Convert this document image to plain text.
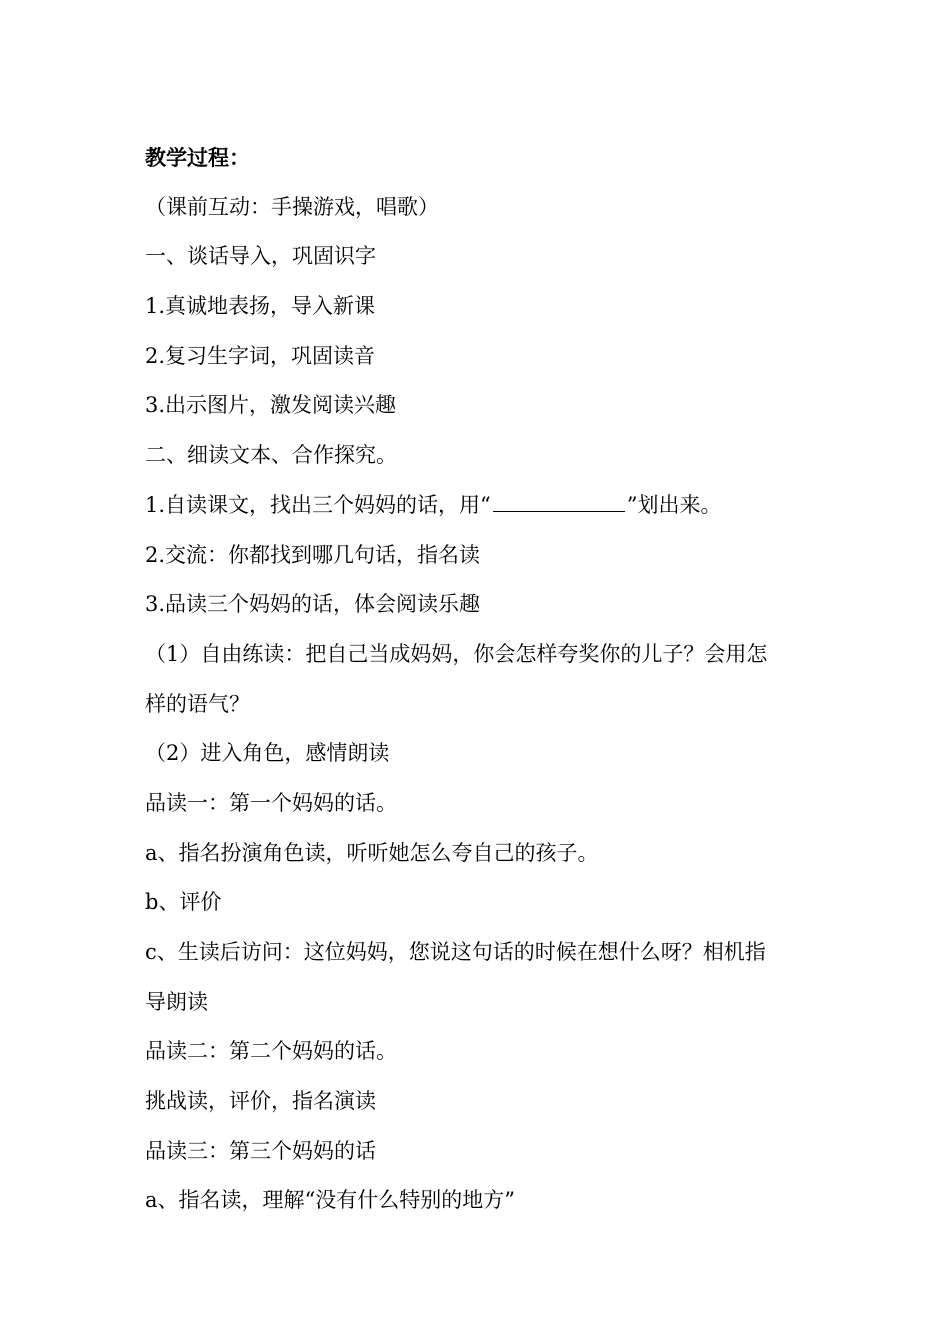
教学过程：
（课前互动：手操游戏，唱歌）
一、谈话导入，巩固识字
1.真诚地表扬，导入新课
2.复习生字词，巩固读音
3.出示图片，激发阅读兴趣
二、细读文本、合作探究。
1.自读课文，找出三个妈妈的话，用“	”划出来。
2.交流：你都找到哪几句话，指名读
3.品读三个妈妈的话，体会阅读乐趣
（1）自由练读：把自己当成妈妈，你会怎样夸奖你的儿子？会用怎
样的语气？
（2）进入角色，感情朗读
品读一：第一个妈妈的话。
a、指名扮演角色读，听听她怎么夸自己的孩子。
b、评价
c、生读后访问：这位妈妈，您说这句话的时候在想什么呀？相机指
导朗读
品读二：第二个妈妈的话。
挑战读，评价，指名演读
品读三：第三个妈妈的话
a、指名读，理解“没有什么特别的地方”
